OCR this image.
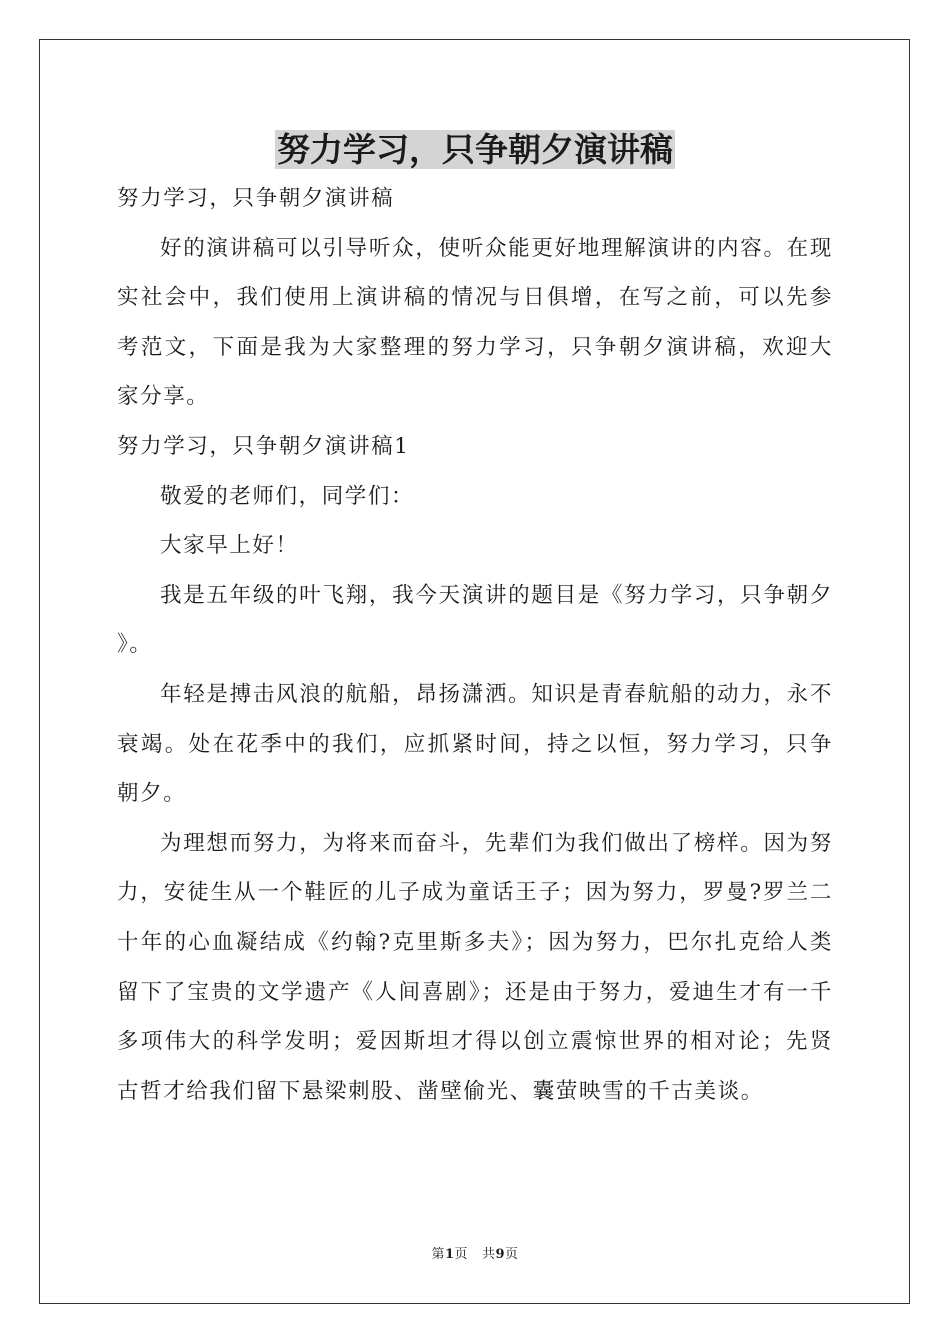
努力学习，只争朝夕演讲稿

努力学习，只争朝夕演讲稿

好的演讲稿可以引导听众，使听众能更好地理解演讲的内容。在现实社会中，我们使用上演讲稿的情况与日俱增，在写之前，可以先参考范文，下面是我为大家整理的努力学习，只争朝夕演讲稿，欢迎大家分享。

努力学习，只争朝夕演讲稿1

敬爱的老师们，同学们：

大家早上好！

我是五年级的叶飞翔，我今天演讲的题目是《努力学习，只争朝夕 》。

年轻是搏击风浪的航船，昂扬潇洒。知识是青春航船的动力，永不衰竭。处在花季中的我们，应抓紧时间，持之以恒，努力学习，只争朝夕。

为理想而努力，为将来而奋斗，先辈们为我们做出了榜样。因为努力，安徒生从一个鞋匠的儿子成为童话王子；因为努力，罗曼?罗兰二十年的心血凝结成《约翰?克里斯多夫》；因为努力，巴尔扎克给人类留下了宝贵的文学遗产《人间喜剧》；还是由于努力，爱迪生才有一千多项伟大的科学发明；爱因斯坦才得以创立震惊世界的相对论；先贤古哲才给我们留下悬梁刺股、凿壁偷光、囊萤映雪的千古美谈。

第1页 共9页
